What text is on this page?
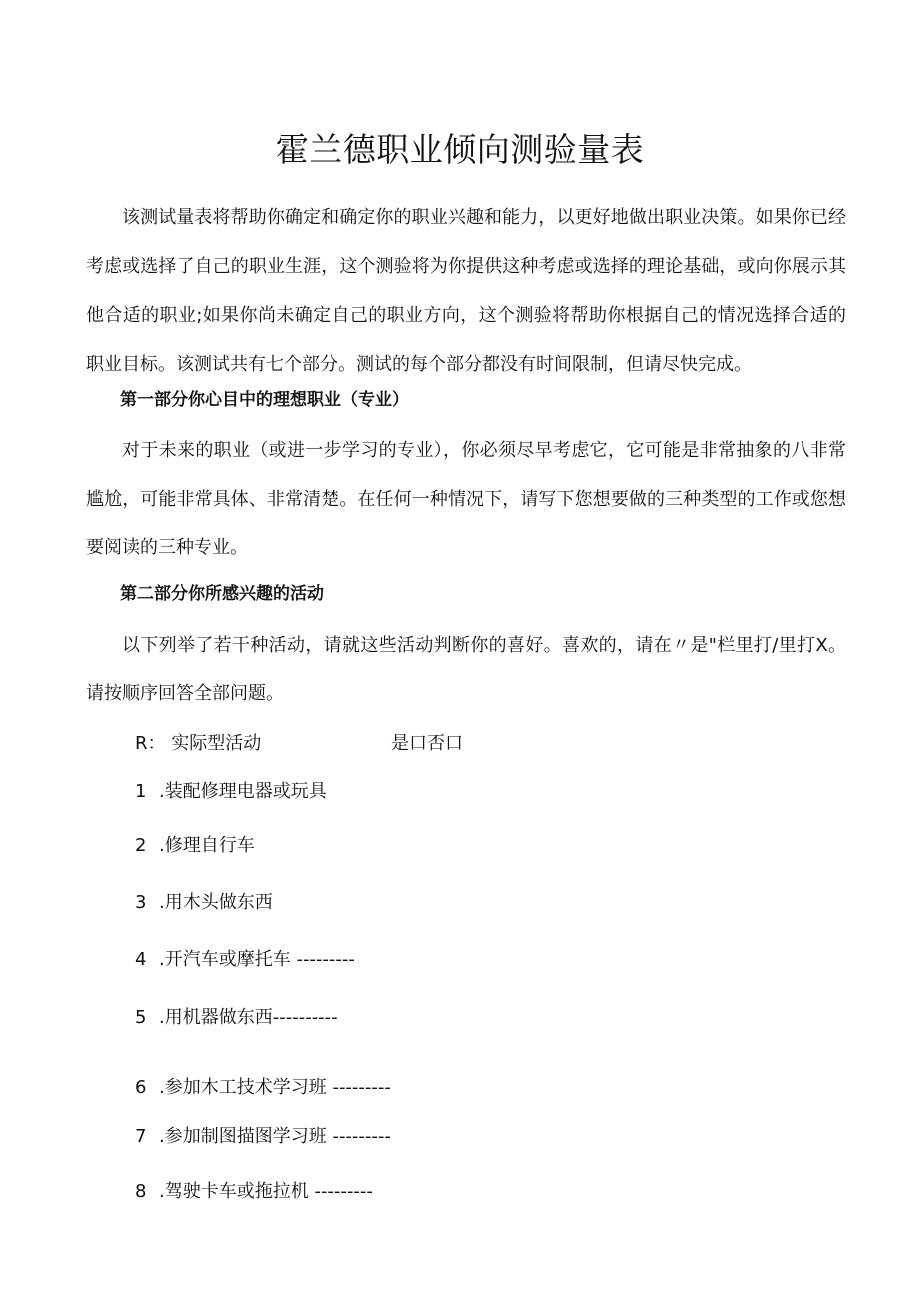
霍兰德职业倾向测验量表

该测试量表将帮助你确定和确定你的职业兴趣和能力，以更好地做出职业决策。如果你已经考虑或选择了自己的职业生涯，这个测验将为你提供这种考虑或选择的理论基础，或向你展示其他合适的职业;如果你尚未确定自己的职业方向，这个测验将帮助你根据自己的情况选择合适的职业目标。该测试共有七个部分。测试的每个部分都没有时间限制，但请尽快完成。

第一部分你心目中的理想职业（专业）

对于未来的职业（或进一步学习的专业），你必须尽早考虑它，它可能是非常抽象的八非常尴尬，可能非常具体、非常清楚。在任何一种情况下，请写下您想要做的三种类型的工作或您想要阅读的三种专业。

第二部分你所感兴趣的活动

以下列举了若干种活动，请就这些活动判断你的喜好。喜欢的，请在〃是"栏里打/里打X。请按顺序回答全部问题。

R： 实际型活动	是口否口

1 .装配修理电器或玩具

2 .修理自行车

3 .用木头做东西

4 .开汽车或摩托车 ---------

5 .用机器做东西----------

6 .参加木工技术学习班 ---------

7 .参加制图描图学习班 ---------

8 .驾驶卡车或拖拉机 ---------
